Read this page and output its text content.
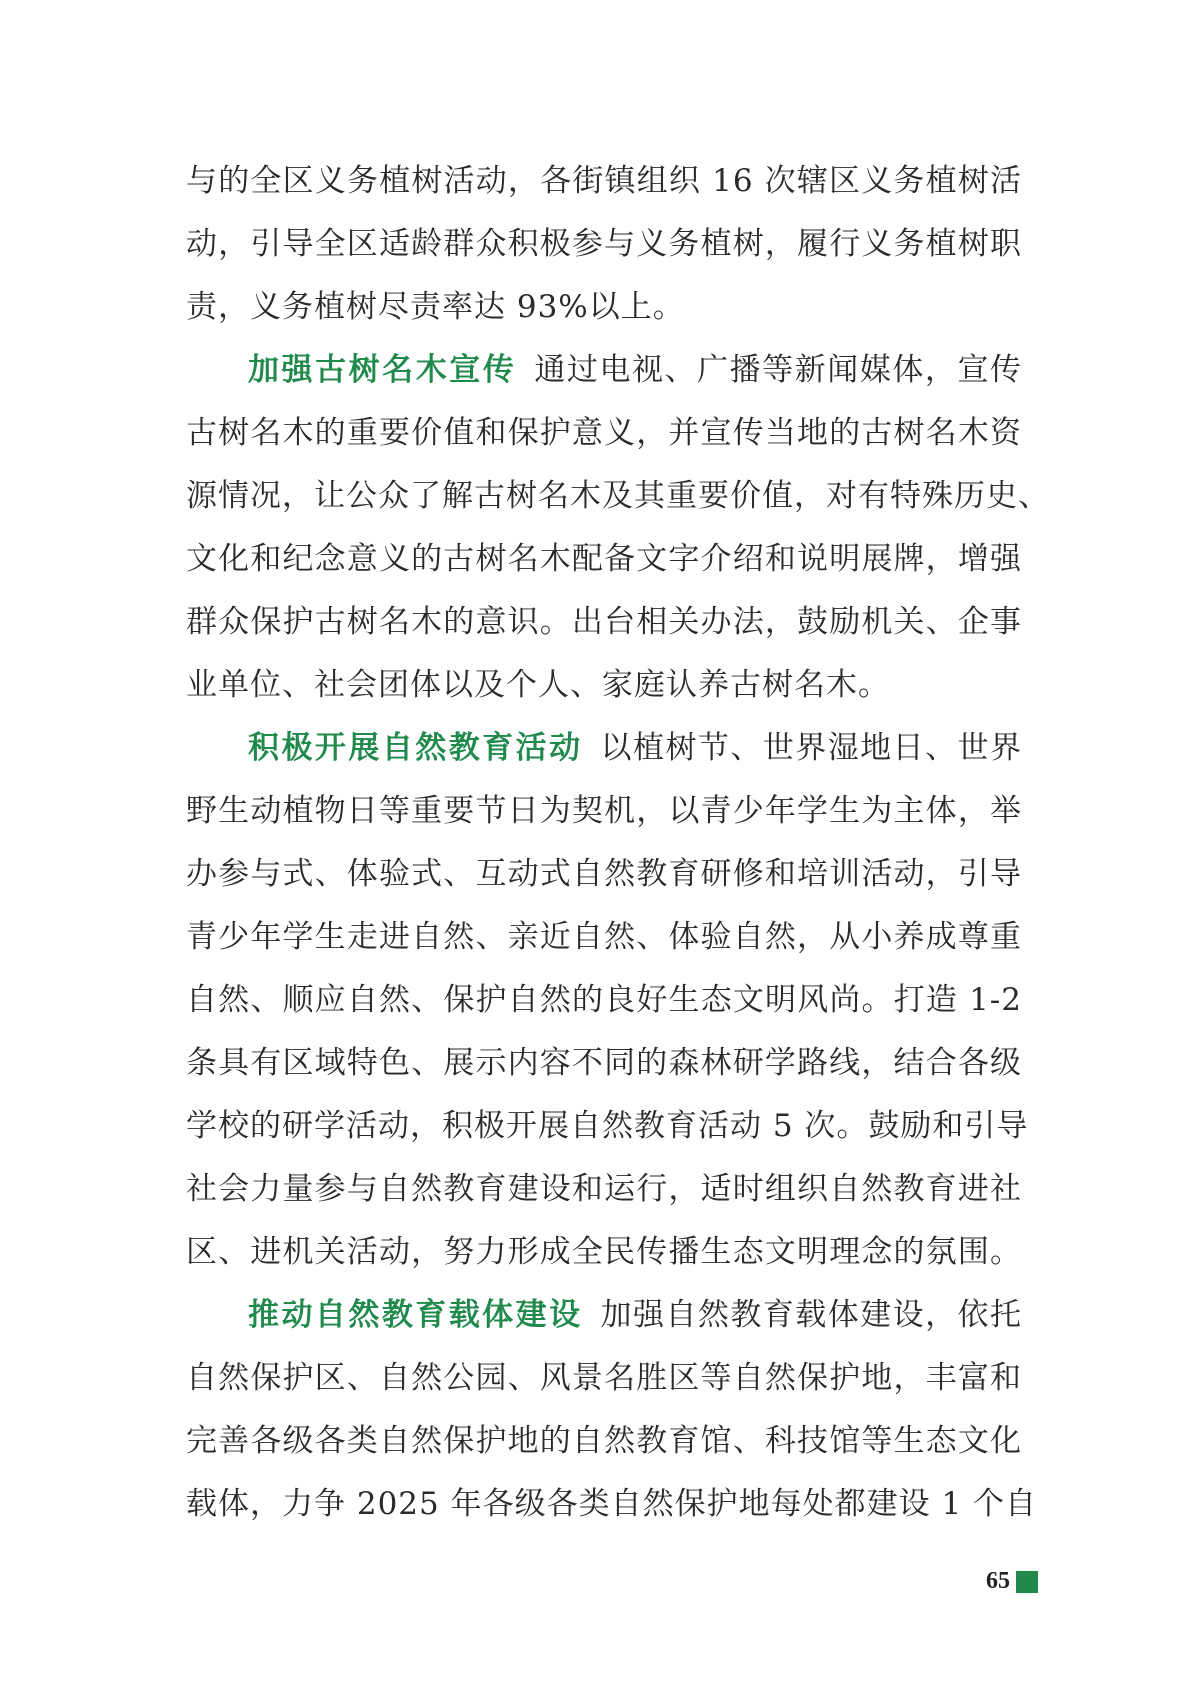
与的全区义务植树活动，各街镇组织 16 次辖区义务植树活
动，引导全区适龄群众积极参与义务植树，履行义务植树职
责，义务植树尽责率达 93%以上。
加强古树名木宣传 通过电视、广播等新闻媒体，宣传
古树名木的重要价值和保护意义，并宣传当地的古树名木资
源情况，让公众了解古树名木及其重要价值，对有特殊历史、
文化和纪念意义的古树名木配备文字介绍和说明展牌，增强
群众保护古树名木的意识。出台相关办法，鼓励机关、企事
业单位、社会团体以及个人、家庭认养古树名木。
积极开展自然教育活动 以植树节、世界湿地日、世界
野生动植物日等重要节日为契机，以青少年学生为主体，举
办参与式、体验式、互动式自然教育研修和培训活动，引导
青少年学生走进自然、亲近自然、体验自然，从小养成尊重
自然、顺应自然、保护自然的良好生态文明风尚。打造 1-2
条具有区域特色、展示内容不同的森林研学路线，结合各级
学校的研学活动，积极开展自然教育活动 5 次。鼓励和引导
社会力量参与自然教育建设和运行，适时组织自然教育进社
区、进机关活动，努力形成全民传播生态文明理念的氛围。
推动自然教育载体建设 加强自然教育载体建设，依托
自然保护区、自然公园、风景名胜区等自然保护地，丰富和
完善各级各类自然保护地的自然教育馆、科技馆等生态文化
载体，力争 2025 年各级各类自然保护地每处都建设 1 个自
65
